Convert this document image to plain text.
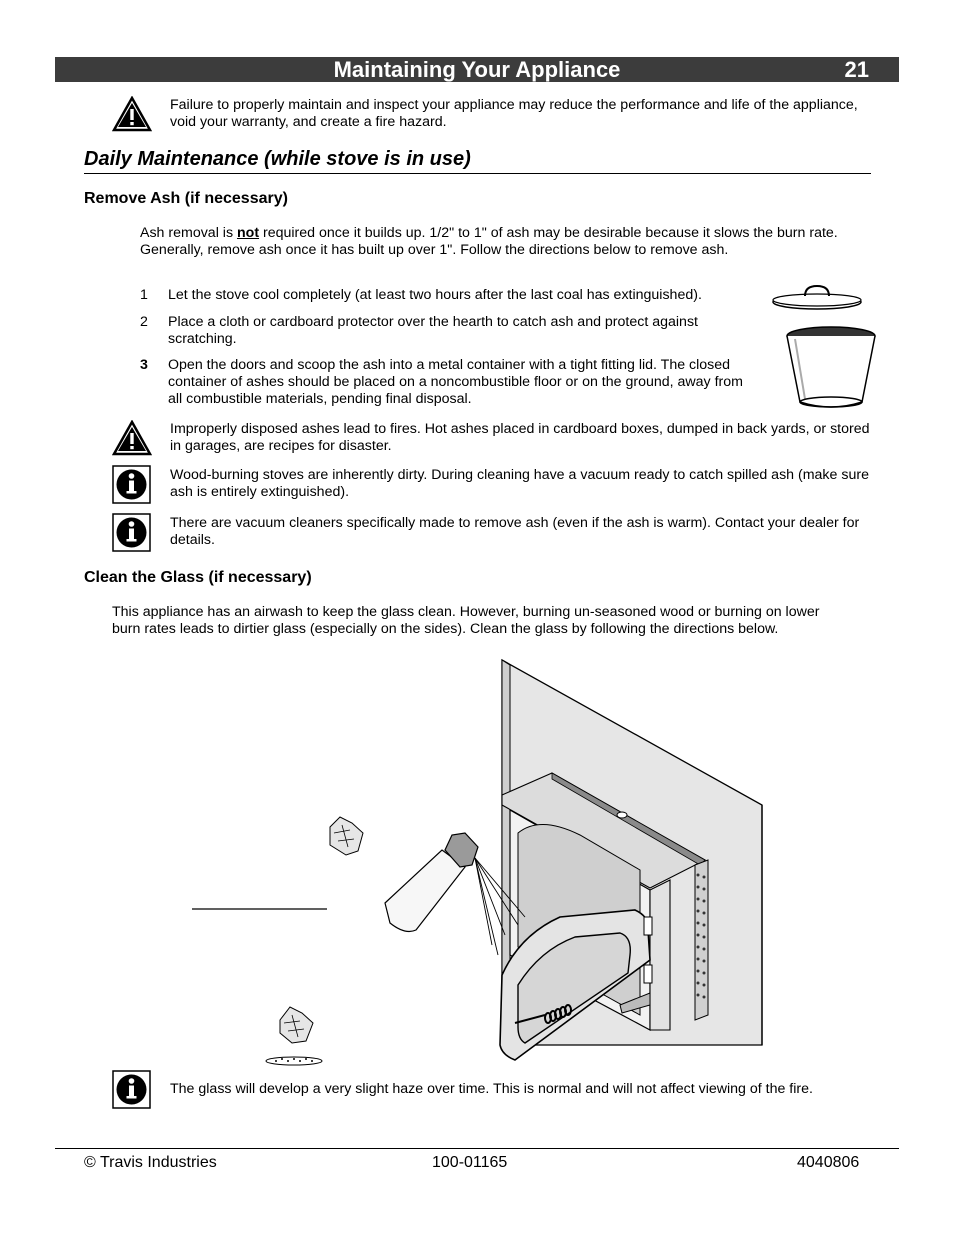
Maintaining Your Appliance	21
Failure to properly maintain and inspect your appliance may reduce the performance and life of the appliance, void your warranty, and create a fire hazard.
Daily Maintenance (while stove is in use)
Remove Ash (if necessary)
Ash removal is not required once it builds up. 1/2" to 1" of ash may be desirable because it slows the burn rate. Generally, remove ash once it has built up over 1". Follow the directions below to remove ash.
1 Let the stove cool completely (at least two hours after the last coal has extinguished).
2 Place a cloth or cardboard protector over the hearth to catch ash and protect against scratching.
3 Open the doors and scoop the ash into a metal container with a tight fitting lid. The closed container of ashes should be placed on a noncombustible floor or on the ground, away from all combustible materials, pending final disposal.
Improperly disposed ashes lead to fires. Hot ashes placed in cardboard boxes, dumped in back yards, or stored in garages, are recipes for disaster.
Wood-burning stoves are inherently dirty. During cleaning have a vacuum ready to catch spilled ash (make sure ash is entirely extinguished).
There are vacuum cleaners specifically made to remove ash (even if the ash is warm). Contact your dealer for details.
Clean the Glass (if necessary)
This appliance has an airwash to keep the glass clean. However, burning un-seasoned wood or burning on lower burn rates leads to dirtier glass (especially on the sides). Clean the glass by following the directions below.
The glass will develop a very slight haze over time. This is normal and will not affect viewing of the fire.
© Travis Industries	100-01165	4040806
